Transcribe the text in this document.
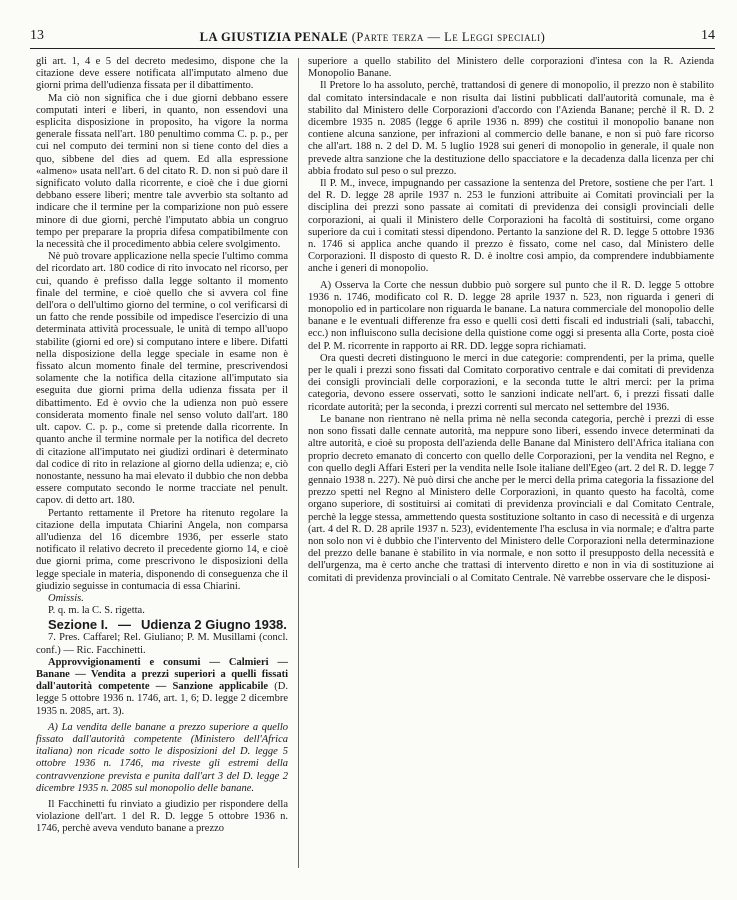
13	LA GIUSTIZIA PENALE (Parte terza — Le Leggi speciali)	14

gli art. 1, 4 e 5 del decreto medesimo, dispone che la citazione deve essere notificata all'imputato almeno due giorni prima dell'udienza fissata per il dibattimento.

Ma ciò non significa che i due giorni debbano essere computati interi e liberi, in quanto, non essendovi una esplicita disposizione in proposito, ha vigore la norma generale fissata nell'art. 180 penultimo comma C. p. p., per cui nel computo dei termini non si tiene conto del dies a quo, sibbene del dies ad quem. Ed alla espressione «almeno» usata nell'art. 6 del citato R. D. non si può dare il significato voluto dalla ricorrente, e cioè che i due giorni debbano essere liberi; mentre tale avverbio sta soltanto ad indicare che il termine per la comparizione non può essere minore di due giorni, perchè l'imputato abbia un congruo tempo per preparare la propria difesa compatibilmente con la necessità che il procedimento abbia celere svolgimento.

Nè può trovare applicazione nella specie l'ultimo comma del ricordato art. 180 codice di rito invocato nel ricorso, per cui, quando è prefisso dalla legge soltanto il momento finale del termine, e cioè quello che si avvera col fine dell'ora o dell'ultimo giorno del termine, o col verificarsi di un fatto che rende possibile od impedisce l'esercizio di una determinata attività processuale, le unità di tempo all'uopo stabilite (giorni ed ore) si computano intere e libere. Difatti nella disposizione della legge speciale in esame non è fissato alcun momento finale del termine, prescrivendosi solamente che la notifica della citazione all'imputato sia eseguita due giorni prima della udienza fissata per il dibattimento. Ed è ovvio che la udienza non può essere considerata momento finale nel senso voluto dall'art. 180 ult. capov. C. p. p., come si pretende dalla ricorrente. In quanto anche il termine normale per la notifica del decreto di citazione all'imputato nei giudizi ordinari è determinato dal codice di rito in relazione al giorno della udienza; e, ciò nonostante, nessuno ha mai elevato il dubbio che non debba essere computato secondo le norme tracciate nel penult. capov. di detto art. 180.

Pertanto rettamente il Pretore ha ritenuto regolare la citazione della imputata Chiarini Angela, non comparsa all'udienza del 16 dicembre 1936, per esserle stato notificato il relativo decreto il precedente giorno 14, e cioè due giorni prima, come prescrivono le disposizioni della legge speciale in materia, disponendo di conseguenza che il giudizio seguisse in contumacia di essa Chiarini.

Omissis.

P. q. m. la C. S. rigetta.

Sezione I. — Udienza 2 Giugno 1938.

7. Pres. Caffarel; Rel. Giuliano; P. M. Musillami (concl. conf.) — Ric. Facchinetti.

Approvvigionamenti e consumi — Calmieri — Banane — Vendita a prezzi superiori a quelli fissati dall'autorità competente — Sanzione applicabile (D. legge 5 ottobre 1936 n. 1746, art. 1, 6; D. legge 2 dicembre 1935 n. 2085, art. 3).

A) La vendita delle banane a prezzo superiore a quello fissato dall'autorità competente (Ministero dell'Africa italiana) non ricade sotto le disposizioni del D. legge 5 ottobre 1936 n. 1746, ma riveste gli estremi della contravvenzione prevista e punita dall'art 3 del D. legge 2 dicembre 1935 n. 2085 sul monopolio delle banane.

Il Facchinetti fu rinviato a giudizio per rispondere della violazione dell'art. 1 del R. D. legge 5 ottobre 1936 n. 1746, perchè aveva venduto banane a prezzo

superiore a quello stabilito del Ministero delle corporazioni d'intesa con la R. Azienda Monopolio Banane.

Il Pretore lo ha assoluto, perchè, trattandosi di genere di monopolio, il prezzo non è stabilito dal comitato intersindacale e non risulta dai listini pubblicati dall'autorità comunale, ma è stabilito dal Ministero delle Corporazioni d'accordo con l'Azienda Banane; perchè il R. D. 2 dicembre 1935 n. 2085 (legge 6 aprile 1936 n. 899) che costituì il monopolio banane non contiene alcuna sanzione, per infrazioni al commercio delle banane, e non si può fare ricorso che all'art. 188 n. 2 del D. M. 5 luglio 1928 sui generi di monopolio in generale, il quale non prevede altra sanzione che la destituzione dello spacciatore e la decadenza dalla licenza per chi abbia frodato sul peso o sul prezzo.

Il P. M., invece, impugnando per cassazione la sentenza del Pretore, sostiene che per l'art. 1 del R. D. legge 28 aprile 1937 n. 253 le funzioni attribuite ai Comitati provinciali per la disciplina dei prezzi sono passate ai comitati di previdenza dei consigli provinciali delle corporazioni, ai quali il Ministero delle Corporazioni ha facoltà di sostituirsi, come organo superiore da cui i comitati stessi dipendono. Pertanto la sanzione del R. D. legge 5 ottobre 1936 n. 1746 si applica anche quando il prezzo è fissato, come nel caso, dal Ministero delle Corporazioni. Il disposto di questo R. D. è inoltre così ampio, da comprendere indubbiamente anche i generi di monopolio.

A) Osserva la Corte che nessun dubbio può sorgere sul punto che il R. D. legge 5 ottobre 1936 n. 1746, modificato col R. D. legge 28 aprile 1937 n. 523, non riguarda i generi di monopolio ed in particolare non riguarda le banane. La natura commerciale del monopolio delle banane e le eventuali differenze fra esso e quelli così detti fiscali ed industriali (sali, tabacchi, ecc.) non influiscono sulla decisione della quistione come oggi si presenta alla Corte, posta cioè del P. M. ricorrente in rapporto ai RR. DD. legge sopra richiamati.

Ora questi decreti distinguono le merci in due categorie: comprendenti, per la prima, quelle per le quali i prezzi sono fissati dal Comitato corporativo centrale e dai comitati di previdenza dei consigli provinciali delle corporazioni, e la seconda tutte le altri merci: per la prima categoria, devono essere osservati, sotto le sanzioni indicate nell'art. 6, i prezzi fissati dalle ricordate autorità; per la seconda, i prezzi correnti sul mercato nel settembre del 1936.

Le banane non rientrano nè nella prima nè nella seconda categoria, perchè i prezzi di esse non sono fissati dalle cennate autorità, ma neppure sono liberi, essendo invece determinati da altre autorità, e cioè su proposta dell'azienda delle Banane dal Ministero dell'Africa italiana con proprio decreto emanato di concerto con quello delle Corporazioni, per la vendita nel Regno, e con quello degli Affari Esteri per la vendita nelle Isole italiane dell'Egeo (art. 2 del R. D. legge 7 gennaio 1938 n. 227). Nè può dirsi che anche per le merci della prima categoria la fissazione del prezzo spetti nel Regno al Ministero delle Corporazioni, in quanto questo ha facoltà, come organo superiore, di sostituirsi ai comitati di previdenza provinciali e dal Comitato Centrale, perchè la legge stessa, ammettendo questa sostituzione soltanto in caso di necessità e di urgenza (art. 4 del R. D. 28 aprile 1937 n. 523), evidentemente l'ha esclusa in via normale; e d'altra parte non solo non vi è dubbio che l'intervento del Ministero delle Corporazioni nella determinazione del prezzo delle banane è stabilito in via normale, e non sotto il presupposto della necessità e dell'urgenza, ma è certo anche che trattasi di intervento diretto e non in via di sostituzione ai comitati di previdenza provinciali o al Comitato Centrale. Nè varrebbe osservare che le disposi-
